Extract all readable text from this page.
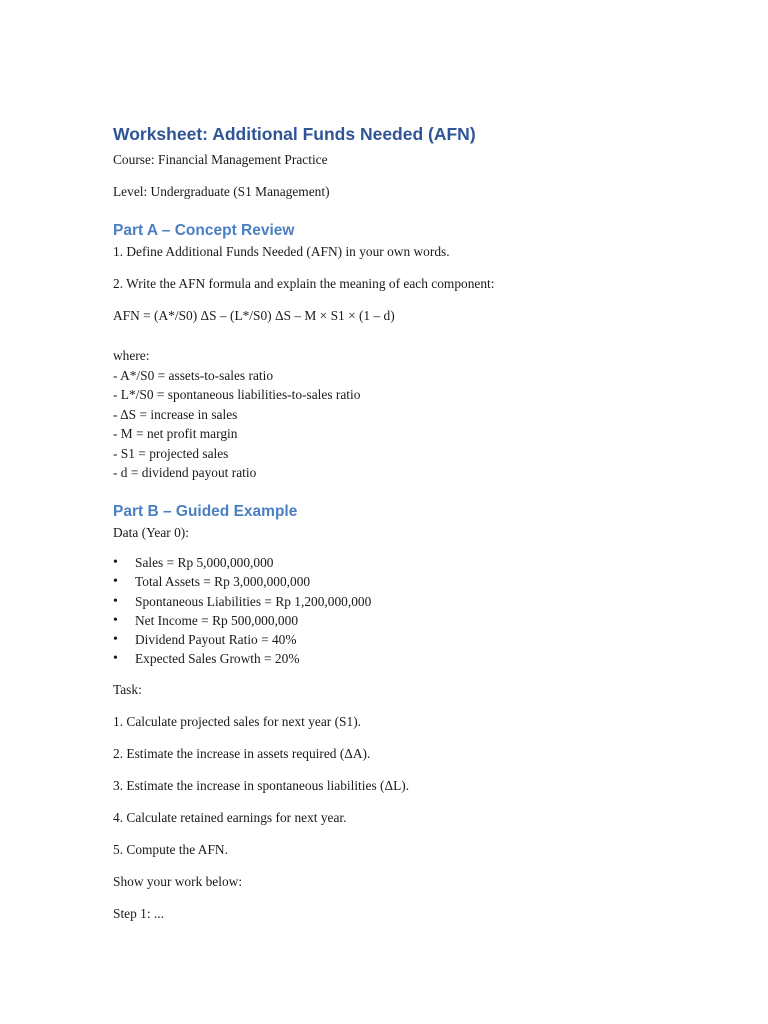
Worksheet: Additional Funds Needed (AFN)

Course: Financial Management Practice

Level: Undergraduate (S1 Management)

Part A – Concept Review

1. Define Additional Funds Needed (AFN) in your own words.

2. Write the AFN formula and explain the meaning of each component:

AFN = (A*/S0) ΔS – (L*/S0) ΔS – M × S1 × (1 – d)

where:

- A*/S0 = assets-to-sales ratio

- L*/S0 = spontaneous liabilities-to-sales ratio

- ΔS = increase in sales

- M = net profit margin

- S1 = projected sales

- d = dividend payout ratio

Part B – Guided Example

Data (Year 0):

• Sales = Rp 5,000,000,000
• Total Assets = Rp 3,000,000,000
• Spontaneous Liabilities = Rp 1,200,000,000
• Net Income = Rp 500,000,000
• Dividend Payout Ratio = 40%
• Expected Sales Growth = 20%

Task:

1. Calculate projected sales for next year (S1).

2. Estimate the increase in assets required (ΔA).

3. Estimate the increase in spontaneous liabilities (ΔL).

4. Calculate retained earnings for next year.

5. Compute the AFN.

Show your work below:

Step 1: ...
